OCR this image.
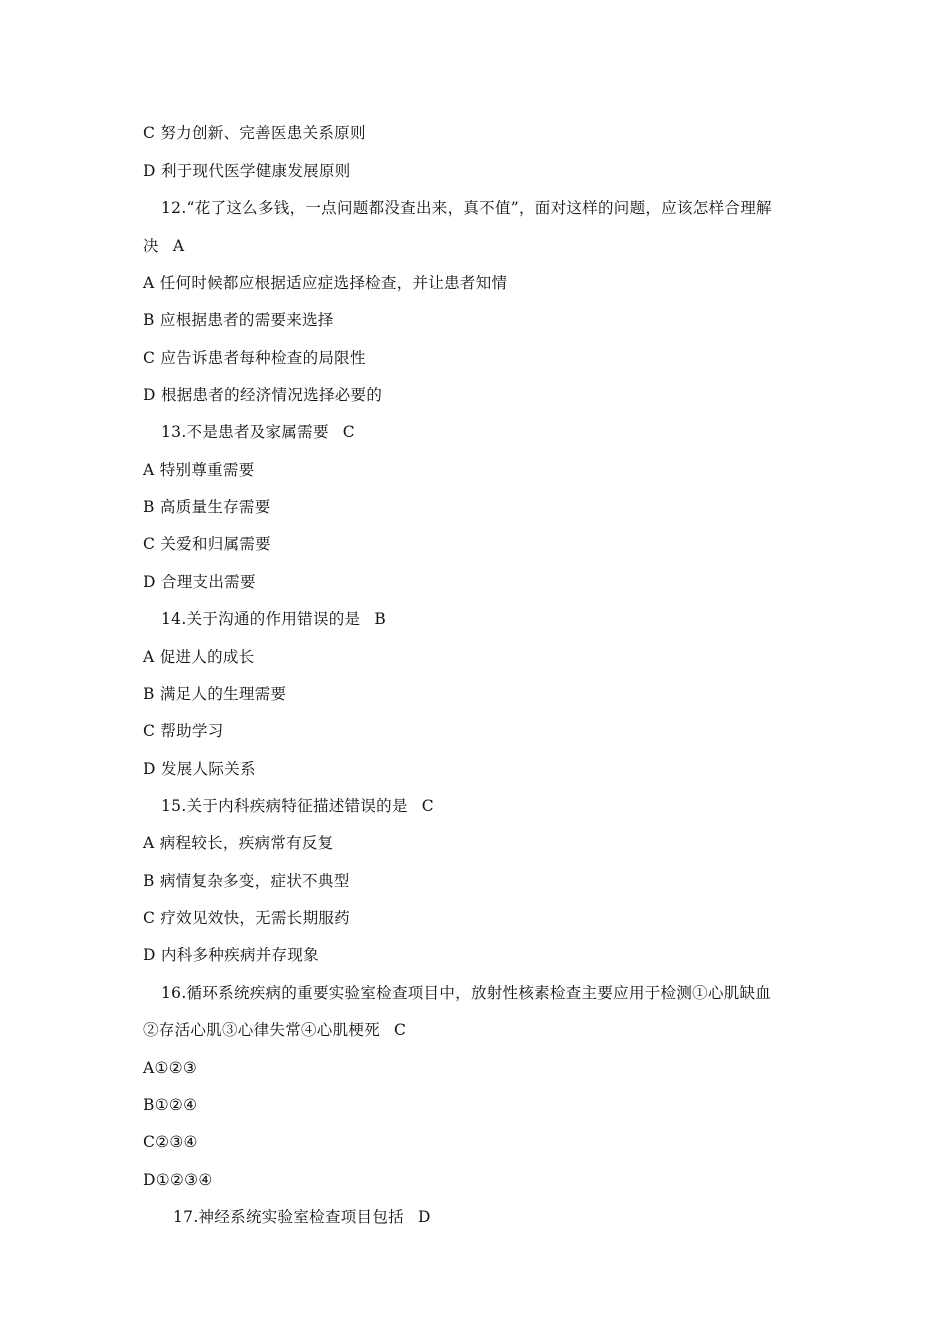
C 努力创新、完善医患关系原则
D 利于现代医学健康发展原则
12.“花了这么多钱，一点问题都没查出来，真不值”，面对这样的问题，应该怎样合理解
决 A
A 任何时候都应根据适应症选择检查，并让患者知情
B 应根据患者的需要来选择
C 应告诉患者每种检查的局限性
D 根据患者的经济情况选择必要的
13.不是患者及家属需要 C
A 特别尊重需要
B 高质量生存需要
C 关爱和归属需要
D 合理支出需要
14.关于沟通的作用错误的是 B
A 促进人的成长
B 满足人的生理需要
C 帮助学习
D 发展人际关系
15.关于内科疾病特征描述错误的是 C
A 病程较长，疾病常有反复
B 病情复杂多变，症状不典型
C 疗效见效快，无需长期服药
D 内科多种疾病并存现象
16.循环系统疾病的重要实验室检查项目中，放射性核素检查主要应用于检测①心肌缺血
②存活心肌③心律失常④心肌梗死 C
A①②③
B①②④
C②③④
D①②③④
17.神经系统实验室检查项目包括 D
